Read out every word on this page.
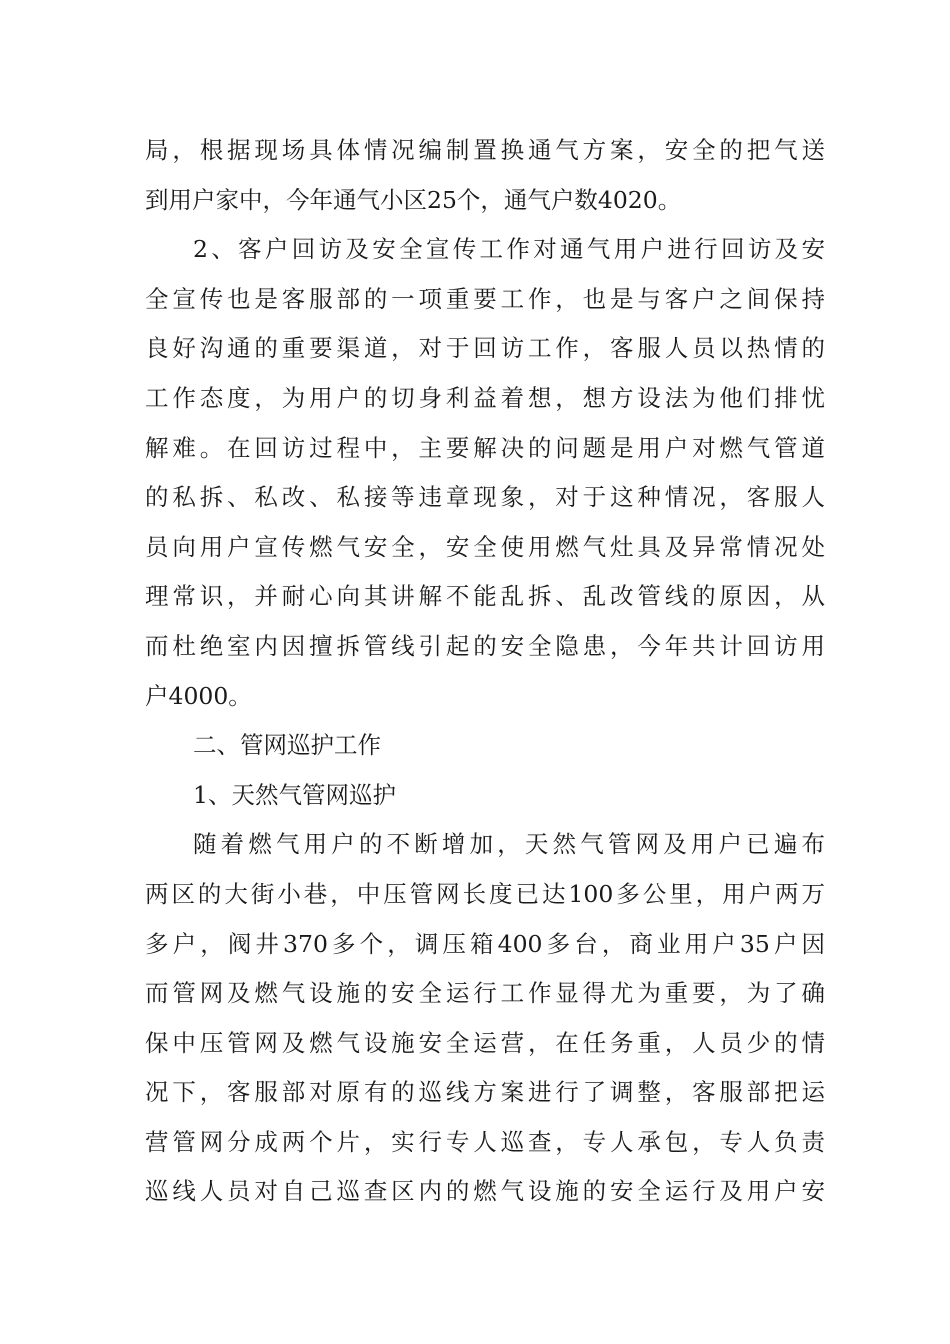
局，根据现场具体情况编制置换通气方案，安全的把气送
到用户家中，今年通气小区25个，通气户数4020。
2、客户回访及安全宣传工作对通气用户进行回访及安
全宣传也是客服部的一项重要工作，也是与客户之间保持
良好沟通的重要渠道，对于回访工作，客服人员以热情的
工作态度，为用户的切身利益着想，想方设法为他们排忧
解难。在回访过程中，主要解决的问题是用户对燃气管道
的私拆、私改、私接等违章现象，对于这种情况，客服人
员向用户宣传燃气安全，安全使用燃气灶具及异常情况处
理常识，并耐心向其讲解不能乱拆、乱改管线的原因，从
而杜绝室内因擅拆管线引起的安全隐患，今年共计回访用
户4000。
二、管网巡护工作
1、天然气管网巡护
随着燃气用户的不断增加，天然气管网及用户已遍布
两区的大街小巷，中压管网长度已达100多公里，用户两万
多户，阀井370多个，调压箱400多台，商业用户35户因
而管网及燃气设施的安全运行工作显得尤为重要，为了确
保中压管网及燃气设施安全运营，在任务重，人员少的情
况下，客服部对原有的巡线方案进行了调整，客服部把运
营管网分成两个片，实行专人巡查，专人承包，专人负责
巡线人员对自己巡查区内的燃气设施的安全运行及用户安
